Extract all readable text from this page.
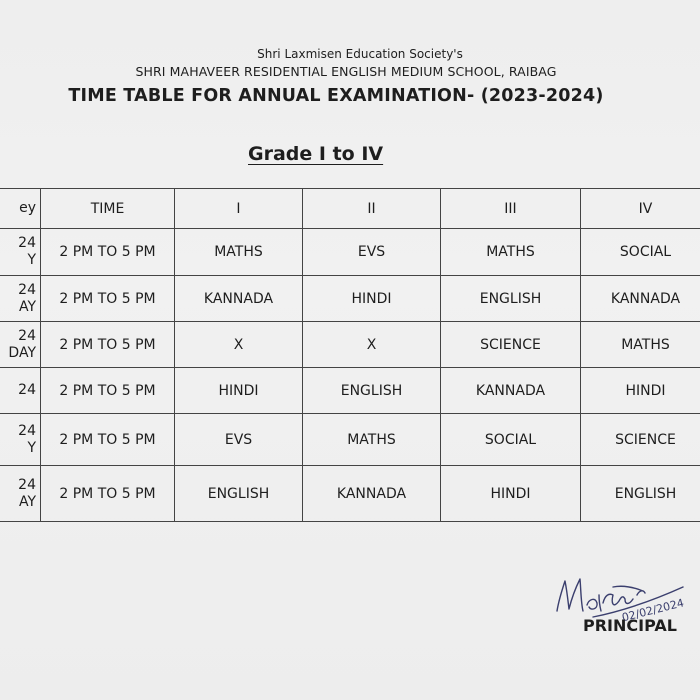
Shri Laxmisen Education Society's
SHRI MAHAVEER RESIDENTIAL ENGLISH MEDIUM SCHOOL, RAIBAG
TIME TABLE FOR ANNUAL EXAMINATION- (2023-2024)
Grade I to IV
ey	TIME	I	II	III	IV
24
Y	2 PM TO 5 PM	MATHS	EVS	MATHS	SOCIAL
24
AY	2 PM TO 5 PM	KANNADA	HINDI	ENGLISH	KANNADA
24
DAY	2 PM TO 5 PM	X	X	SCIENCE	MATHS
24	2 PM TO 5 PM	HINDI	ENGLISH	KANNADA	HINDI
24
Y	2 PM TO 5 PM	EVS	MATHS	SOCIAL	SCIENCE
24
AY	2 PM TO 5 PM	ENGLISH	KANNADA	HINDI	ENGLISH
02/02/2024
PRINCIPAL
